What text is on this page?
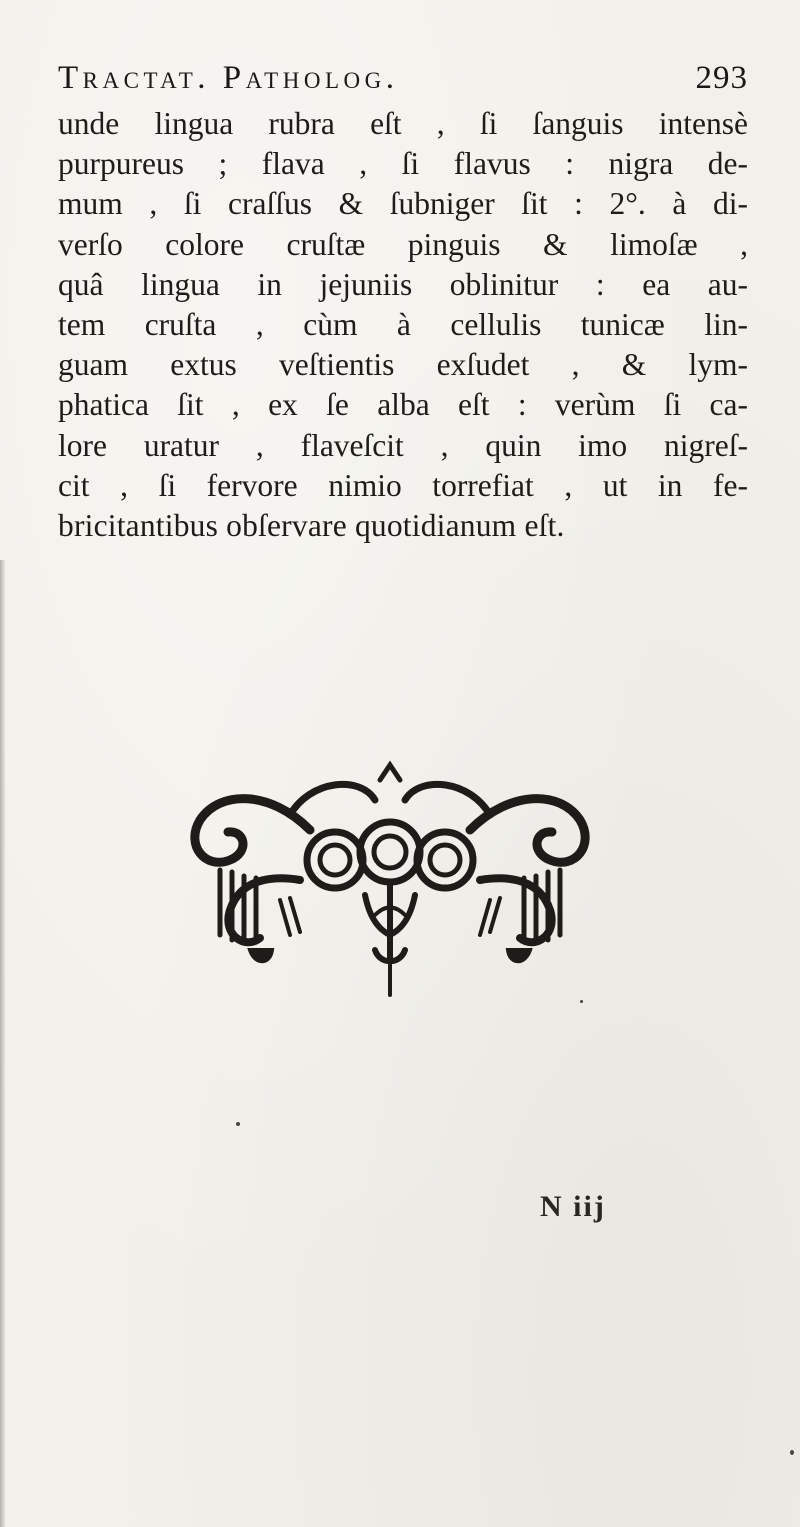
Tractat. Patholog.	293
unde lingua rubra eſt , ſi ſanguis intensè
purpureus ; flava , ſi flavus : nigra de-
mum , ſi craſſus & ſubniger ſit : 2°. à di-
verſo colore cruſtæ pinguis & limoſæ ,
quâ lingua in jejuniis oblinitur : ea au-
tem cruſta , cùm à cellulis tunicæ lin-
guam extus veſtientis exſudet , & lym-
phatica ſit , ex ſe alba eſt : verùm ſi ca-
lore uratur , flaveſcit , quin imo nigreſ-
cit , ſi fervore nimio torrefiat , ut in fe-
bricitantibus obſervare quotidianum eſt.
N iij
